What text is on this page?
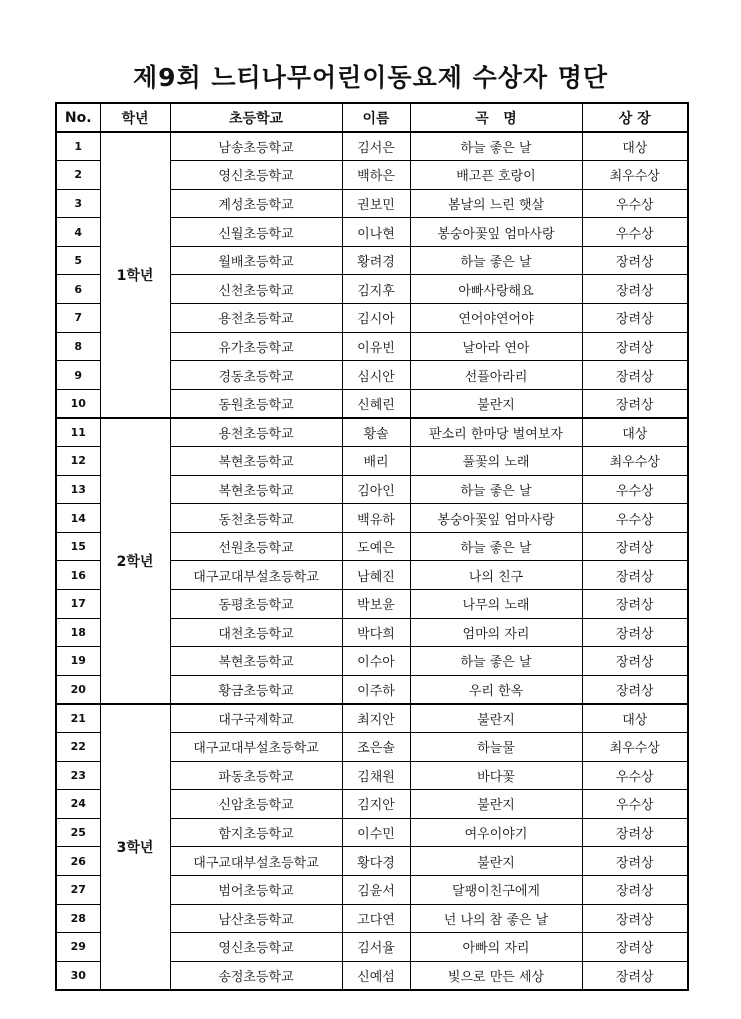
제9회 느티나무어린이동요제 수상자 명단
No.	학년	초등학교	이름	곡   명	상 장
1	1학년	남송초등학교	김서은	하늘 좋은 날	대상
2		영신초등학교	백하은	배고픈 호랑이	최우수상
3		계성초등학교	권보민	봄날의 느린 햇살	우수상
4		신월초등학교	이나현	봉숭아꽃잎 엄마사랑	우수상
5		월배초등학교	황려경	하늘 좋은 날	장려상
6		신천초등학교	김지후	아빠사랑해요	장려상
7		용천초등학교	김시아	연어야연어야	장려상
8		유가초등학교	이유빈	날아라 연아	장려상
9		경동초등학교	심시안	선플아라리	장려상
10		동원초등학교	신혜린	불란지	장려상
11	2학년	용천초등학교	황솔	판소리 한마당 벌여보자	대상
12		복현초등학교	배리	풀꽃의 노래	최우수상
13		복현초등학교	김아인	하늘 좋은 날	우수상
14		동천초등학교	백유하	봉숭아꽃잎 엄마사랑	우수상
15		선원초등학교	도예은	하늘 좋은 날	장려상
16		대구교대부설초등학교	남혜진	나의 친구	장려상
17		동평초등학교	박보윤	나무의 노래	장려상
18		대천초등학교	박다희	엄마의 자리	장려상
19		복현초등학교	이수아	하늘 좋은 날	장려상
20		황금초등학교	이주하	우리 한옥	장려상
21	3학년	대구국제학교	최지안	불란지	대상
22		대구교대부설초등학교	조은솔	하늘물	최우수상
23		파동초등학교	김채원	바다꽃	우수상
24		신암초등학교	김지안	불란지	우수상
25		함지초등학교	이수민	여우이야기	장려상
26		대구교대부설초등학교	황다경	불란지	장려상
27		범어초등학교	김윤서	달팽이친구에게	장려상
28		남산초등학교	고다연	넌 나의 참 좋은 날	장려상
29		영신초등학교	김서율	아빠의 자리	장려상
30		송정초등학교	신예섬	빛으로 만든 세상	장려상
